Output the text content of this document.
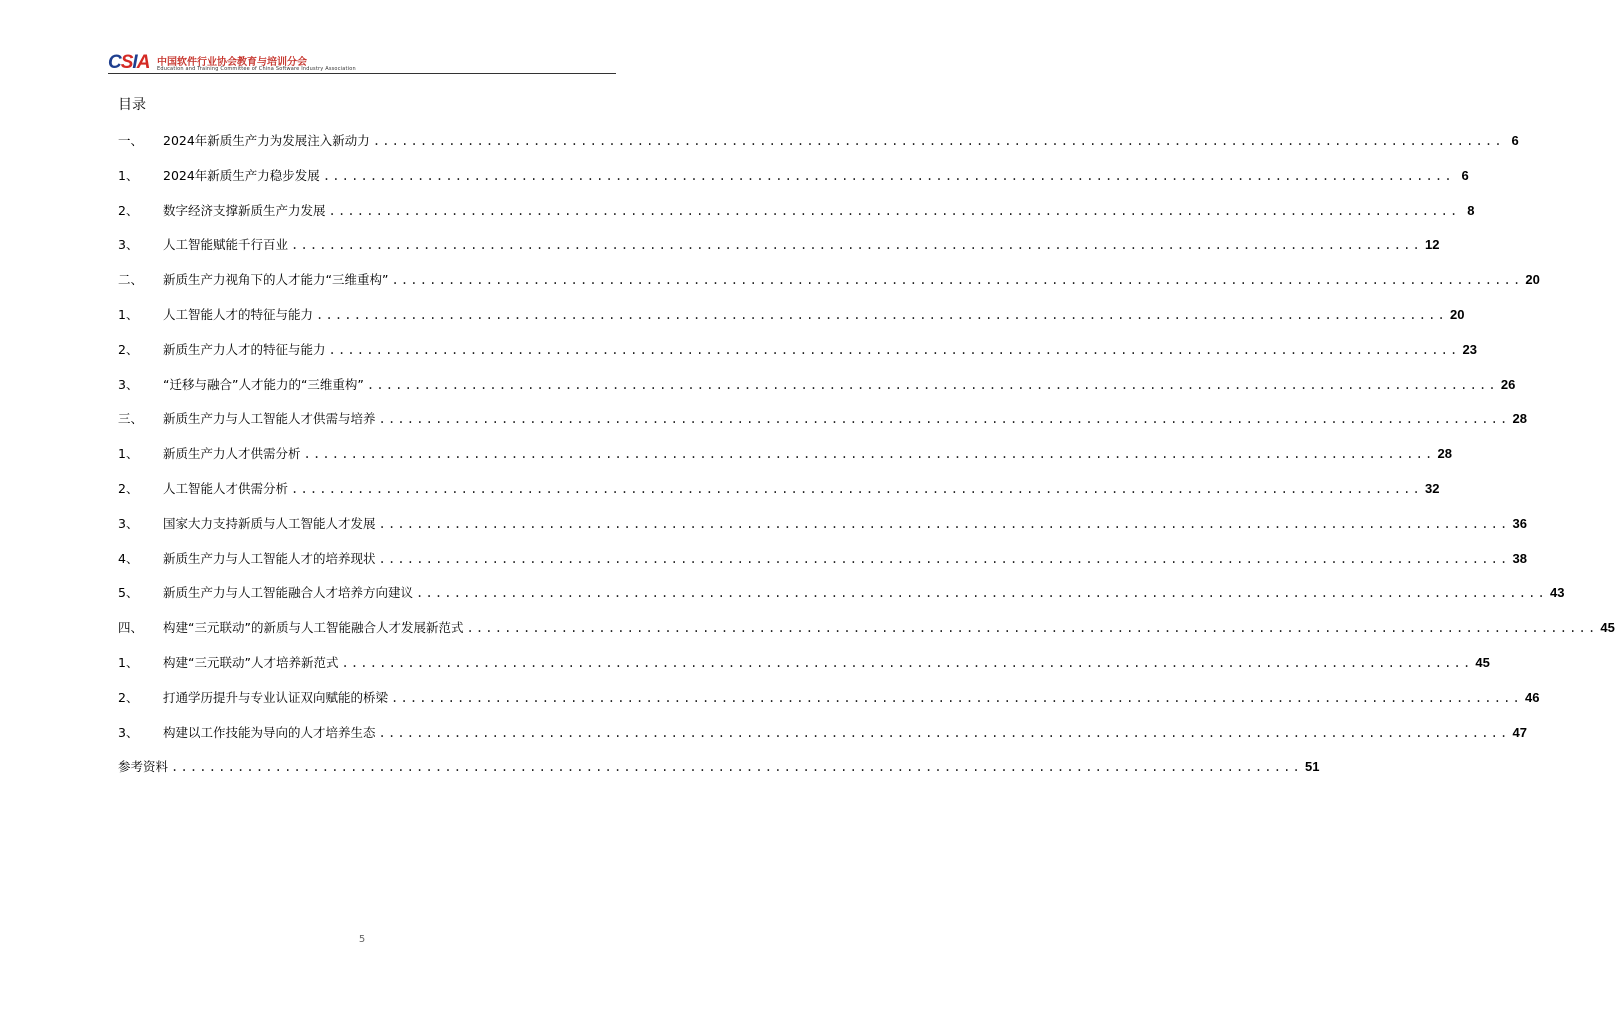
CSIA 中国软件行业协会教育与培训分会
Education and Training Committee of China Software Industry Association
目录
一、	2024年新质生产力为发展注入新动力 ........................................................................................................................ 6
1、	2024年新质生产力稳步发展 ........................................................................................................................ 6
2、	数字经济支撑新质生产力发展 ........................................................................................................................ 8
3、	人工智能赋能千行百业 ........................................................................................................................ 12
二、	新质生产力视角下的人才能力“三维重构” ........................................................................................................................ 20
1、	人工智能人才的特征与能力 ........................................................................................................................ 20
2、	新质生产力人才的特征与能力 ........................................................................................................................ 23
3、	“迁移与融合”人才能力的“三维重构” ........................................................................................................................ 26
三、	新质生产力与人工智能人才供需与培养 ........................................................................................................................ 28
1、	新质生产力人才供需分析 ........................................................................................................................ 28
2、	人工智能人才供需分析 ........................................................................................................................ 32
3、	国家大力支持新质与人工智能人才发展 ........................................................................................................................ 36
4、	新质生产力与人工智能人才的培养现状 ........................................................................................................................ 38
5、	新质生产力与人工智能融合人才培养方向建议 ........................................................................................................................ 43
四、	构建“三元联动”的新质与人工智能融合人才发展新范式 ........................................................................................................................ 45
1、	构建“三元联动”人才培养新范式 ........................................................................................................................ 45
2、	打通学历提升与专业认证双向赋能的桥梁 ........................................................................................................................ 46
3、	构建以工作技能为导向的人才培养生态 ........................................................................................................................ 47
参考资料 ........................................................................................................................ 51
5
